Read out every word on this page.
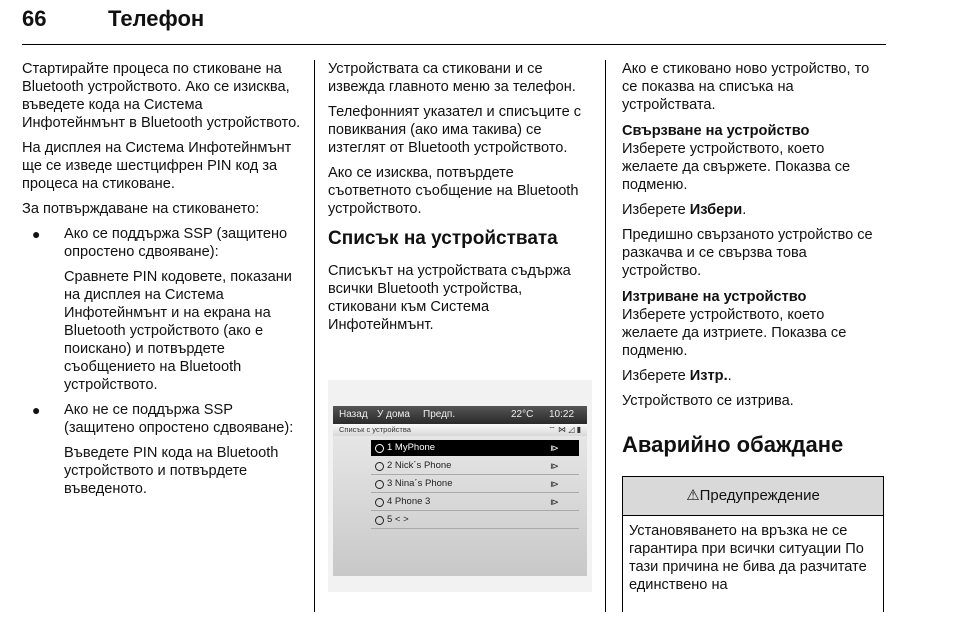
66	Телефон

Стартирайте процеса по стиковане на Bluetooth устройството. Ако се изисква, въведете кода на Система Инфотейнмънт в Bluetooth устройството.

На дисплея на Система Инфотейнмънт ще се изведе шестцифрен PIN код за процеса на стиковане.

За потвърждаване на стиковането:

● Ако се поддържа SSP (защитено опростено сдвояване):

Сравнете PIN кодовете, показани на дисплея на Система Инфотейнмънт и на екрана на Bluetooth устройството (ако е поискано) и потвърдете съобщението на Bluetooth устройството.

● Ако не се поддържа SSP (защитено опростено сдвояване):

Въведете PIN кода на Bluetooth устройството и потвърдете въведеното.

Устройствата са стиковани и се извежда главното меню за телефон.

Телефонният указател и списъците с повиквания (ако има такива) се изтеглят от Bluetooth устройството.

Ако се изисква, потвърдете съответното съобщение на Bluetooth устройството.

Списък на устройствата

Списъкът на устройствата съдържа всички Bluetooth устройства, стиковани към Система Инфотейнмънт.

Назад У дома Предп.	22°C 10:22
Списък с устройства	⌔ ⋈ ◿ ▮
1 MyPhone	⧐
2 Nick´s Phone	⧐
3 Nina´s Phone	⧐
4 Phone 3	⧐
5 < >

Ако е стиковано ново устройство, то се показва на списъка на устройствата.

Свързване на устройство

Изберете устройството, което желаете да свържете. Показва се подменю.

Изберете Избери.

Предишно свързаното устройство се разкачва и се свързва това устройство.

Изтриване на устройство

Изберете устройството, което желаете да изтриете. Показва се подменю.

Изберете Изтр..

Устройството се изтрива.

Аварийно обаждане
⚠Предупреждение
Установяването на връзка не се гарантира при всички ситуации По тази причина не бива да разчитате единствено на
